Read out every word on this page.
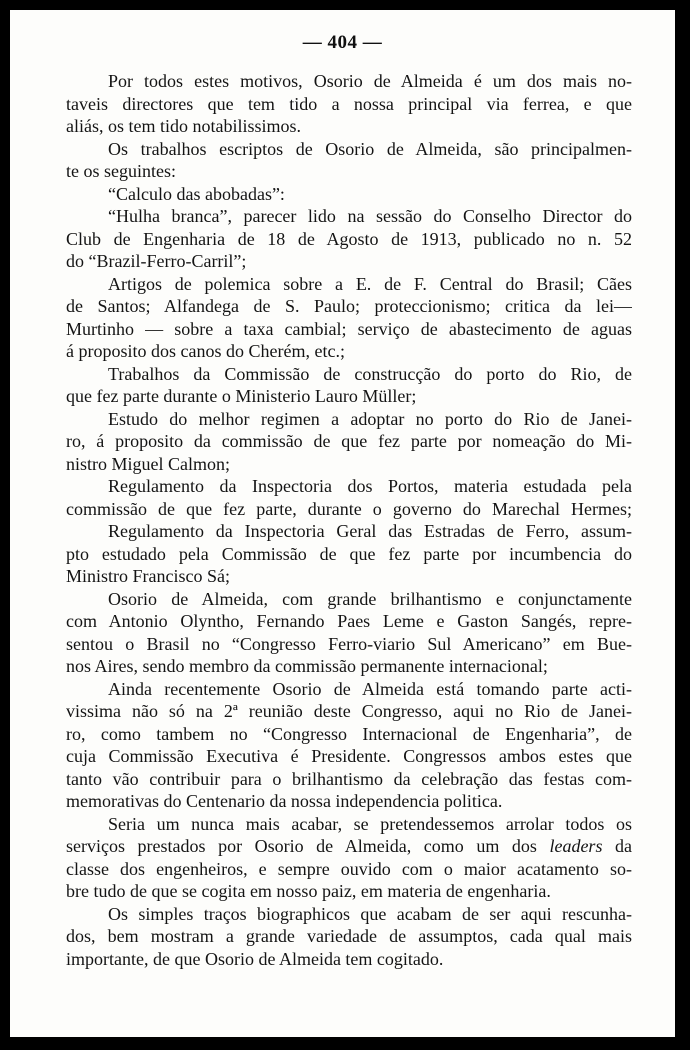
— 404 —
Por todos estes motivos, Osorio de Almeida é um dos mais no-
taveis directores que tem tido a nossa principal via ferrea, e que
aliás, os tem tido notabilissimos.
Os trabalhos escriptos de Osorio de Almeida, são principalmen-
te os seguintes:
“Calculo das abobadas”:
“Hulha branca”, parecer lido na sessão do Conselho Director do
Club de Engenharia de 18 de Agosto de 1913, publicado no n. 52
do “Brazil-Ferro-Carril”;
Artigos de polemica sobre a E. de F. Central do Brasil; Cães
de Santos; Alfandega de S. Paulo; proteccionismo; critica da lei—
Murtinho — sobre a taxa cambial; serviço de abastecimento de aguas
á proposito dos canos do Cherém, etc.;
Trabalhos da Commissão de construcção do porto do Rio, de
que fez parte durante o Ministerio Lauro Müller;
Estudo do melhor regimen a adoptar no porto do Rio de Janei-
ro, á proposito da commissão de que fez parte por nomeação do Mi-
nistro Miguel Calmon;
Regulamento da Inspectoria dos Portos, materia estudada pela
commissão de que fez parte, durante o governo do Marechal Hermes;
Regulamento da Inspectoria Geral das Estradas de Ferro, assum-
pto estudado pela Commissão de que fez parte por incumbencia do
Ministro Francisco Sá;
Osorio de Almeida, com grande brilhantismo e conjunctamente
com Antonio Olyntho, Fernando Paes Leme e Gaston Sangés, repre-
sentou o Brasil no “Congresso Ferro-viario Sul Americano” em Bue-
nos Aires, sendo membro da commissão permanente internacional;
Ainda recentemente Osorio de Almeida está tomando parte acti-
vissima não só na 2ª reunião deste Congresso, aqui no Rio de Janei-
ro, como tambem no “Congresso Internacional de Engenharia”, de
cuja Commissão Executiva é Presidente. Congressos ambos estes que
tanto vão contribuir para o brilhantismo da celebração das festas com-
memorativas do Centenario da nossa independencia politica.
Seria um nunca mais acabar, se pretendessemos arrolar todos os
serviços prestados por Osorio de Almeida, como um dos leaders da
classe dos engenheiros, e sempre ouvido com o maior acatamento so-
bre tudo de que se cogita em nosso paiz, em materia de engenharia.
Os simples traços biographicos que acabam de ser aqui rescunha-
dos, bem mostram a grande variedade de assumptos, cada qual mais
importante, de que Osorio de Almeida tem cogitado.
